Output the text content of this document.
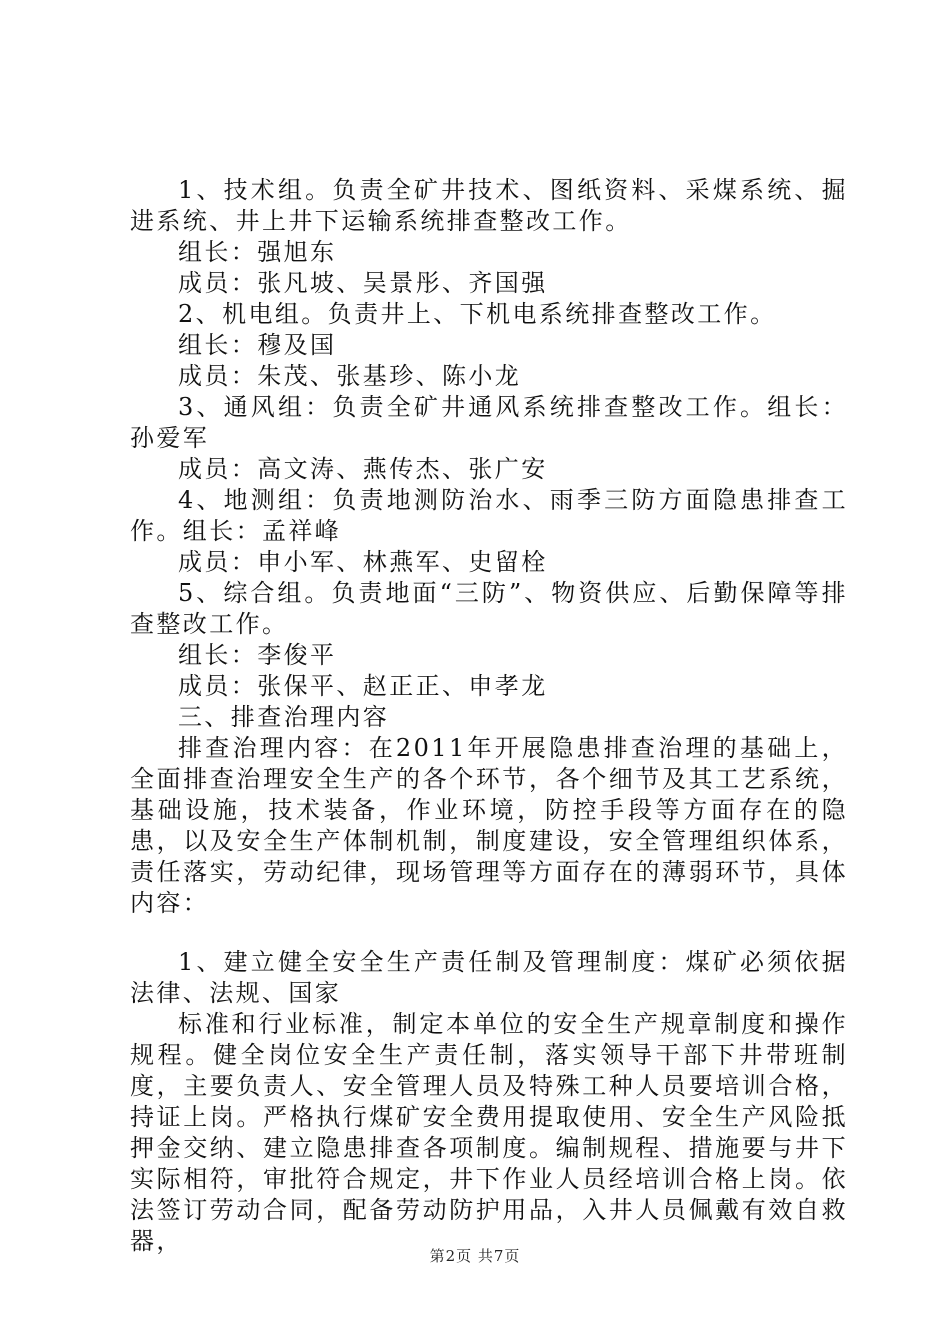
1、技术组。负责全矿井技术、图纸资料、采煤系统、掘进系统、井上井下运输系统排查整改工作。

组长：强旭东

成员：张凡坡、吴景彤、齐国强

2、机电组。负责井上、下机电系统排查整改工作。

组长：穆及国

成员：朱茂、张基珍、陈小龙

3、通风组：负责全矿井通风系统排查整改工作。组长：孙爱军

成员：高文涛、燕传杰、张广安

4、地测组：负责地测防治水、雨季三防方面隐患排查工作。组长：孟祥峰

成员：申小军、林燕军、史留栓

5、综合组。负责地面“三防”、物资供应、后勤保障等排查整改工作。

组长：李俊平

成员：张保平、赵正正、申孝龙

三、排查治理内容

排查治理内容：在2011年开展隐患排查治理的基础上，全面排查治理安全生产的各个环节，各个细节及其工艺系统，基础设施，技术装备，作业环境，防控手段等方面存在的隐患，以及安全生产体制机制，制度建设，安全管理组织体系，责任落实，劳动纪律，现场管理等方面存在的薄弱环节，具体内容：

1、建立健全安全生产责任制及管理制度：煤矿必须依据法律、法规、国家

标准和行业标准，制定本单位的安全生产规章制度和操作规程。健全岗位安全生产责任制，落实领导干部下井带班制度，主要负责人、安全管理人员及特殊工种人员要培训合格，持证上岗。严格执行煤矿安全费用提取使用、安全生产风险抵押金交纳、建立隐患排查各项制度。编制规程、措施要与井下实际相符，审批符合规定，井下作业人员经培训合格上岗。依法签订劳动合同，配备劳动防护用品，入井人员佩戴有效自救器，

第2页 共7页
